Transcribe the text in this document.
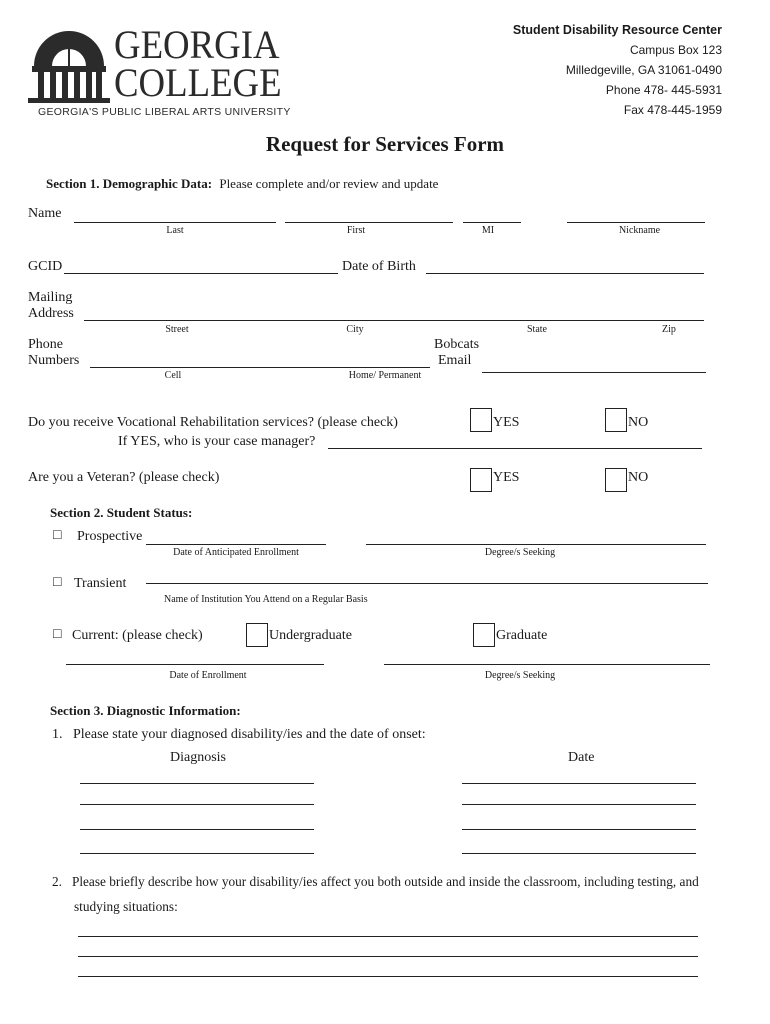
GEORGIA
COLLEGE
GEORGIA'S PUBLIC LIBERAL ARTS UNIVERSITY
Student Disability Resource Center
Campus Box 123
Milledgeville, GA 31061-0490
Phone 478- 445-5931
Fax 478-445-1959
Request for Services Form
Section 1. Demographic Data: Please complete and/or review and update
Name
Last	First	MI	Nickname
GCID	Date of Birth
Mailing
Address
Street	City	State	Zip
Phone
Numbers
Cell	Home/ Permanent
Bobcats
Email
Do you receive Vocational Rehabilitation services? (please check)	YES	NO
If YES, who is your case manager?
Are you a Veteran? (please check)	YES	NO
Section 2. Student Status:
□ Prospective
Date of Anticipated Enrollment	Degree/s Seeking
□ Transient
Name of Institution You Attend on a Regular Basis
□ Current: (please check)	Undergraduate	Graduate
Date of Enrollment	Degree/s Seeking
Section 3. Diagnostic Information:
1.   Please state your diagnosed disability/ies and the date of onset:
Diagnosis	Date
2.   Please briefly describe how your disability/ies affect you both outside and inside the classroom, including testing, and
studying situations:
